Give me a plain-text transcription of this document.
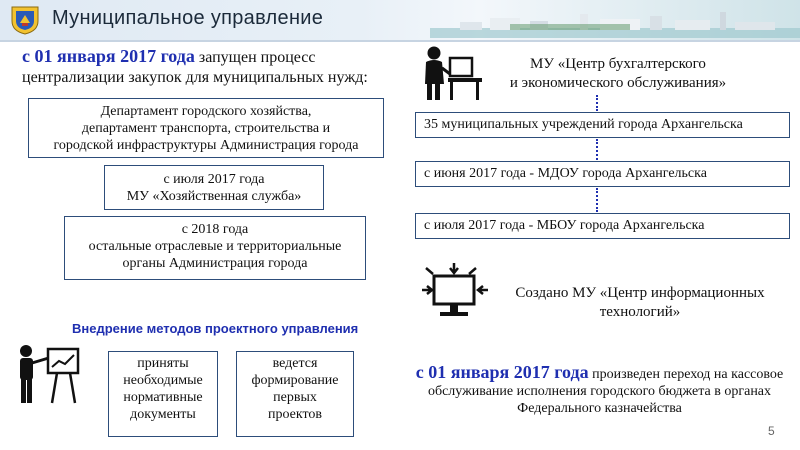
Муниципальное управление
с 01 января 2017 года запущен процесс централизации закупок для муниципальных нужд:
Департамент городского хозяйства,
департамент транспорта, строительства и
городской инфраструктуры Администрация города
с июля 2017 года
МУ «Хозяйственная служба»
с 2018 года
остальные отраслевые и территориальные
органы Администрация города
Внедрение методов проектного управления
приняты
необходимые
нормативные
документы
ведется
формирование
первых
проектов
МУ «Центр бухгалтерского
и экономического обслуживания»
35 муниципальных учреждений города Архангельска
с июня 2017 года - МДОУ города Архангельска
с июля 2017 года - МБОУ города Архангельска
Создано МУ «Центр информационных
технологий»
с 01 января 2017 года произведен переход на кассовое обслуживание исполнения городского бюджета в органах Федерального казначейства
5
